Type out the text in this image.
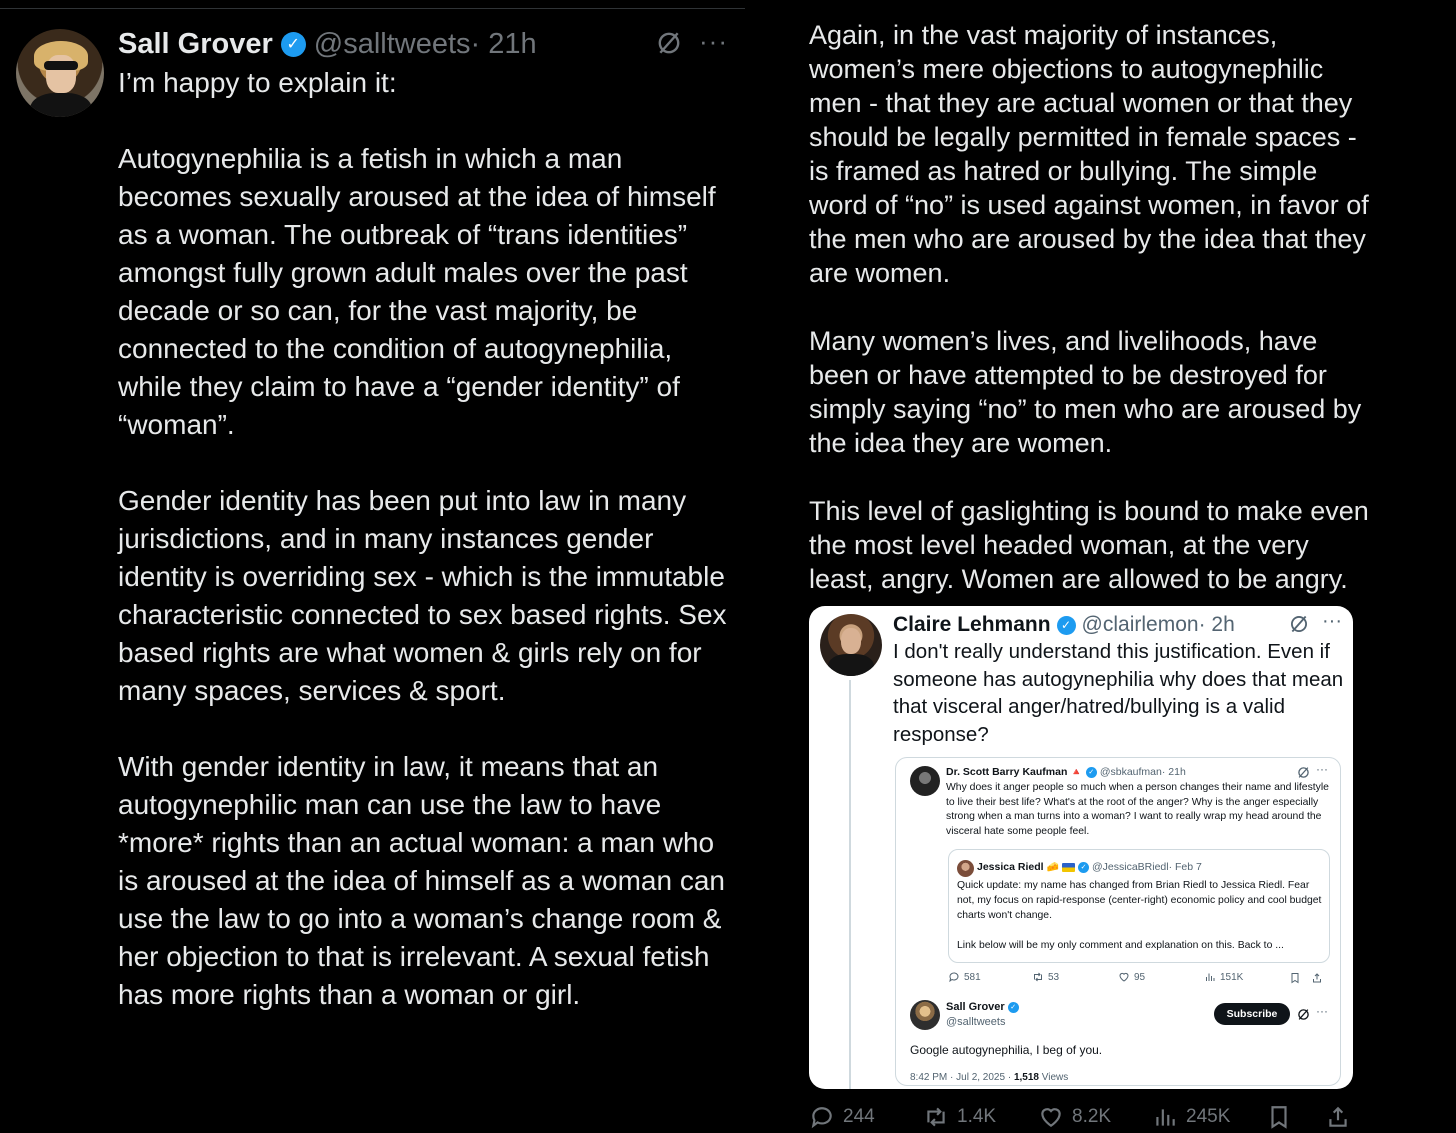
Sall Grover ✓ @salltweets · 21h	···

I’m happy to explain it:

Autogynephilia is a fetish in which a man becomes sexually aroused at the idea of himself as a woman. The outbreak of “trans identities” amongst fully grown adult males over the past decade or so can, for the vast majority, be connected to the condition of autogynephilia, while they claim to have a “gender identity” of “woman”.

Gender identity has been put into law in many jurisdictions, and in many instances gender identity is overriding sex - which is the immutable characteristic connected to sex based rights. Sex based rights are what women & girls rely on for many spaces, services & sport.

With gender identity in law, it means that an autogynephilic man can use the law to have *more* rights than an actual woman: a man who is aroused at the idea of himself as a woman can use the law to go into a woman’s change room & her objection to that is irrelevant. A sexual fetish has more rights than a woman or girl.

Again, in the vast majority of instances, women’s mere objections to autogynephilic men - that they are actual women or that they should be legally permitted in female spaces - is framed as hatred or bullying. The simple word of “no” is used against women, in favor of the men who are aroused by the idea that they are women.

Many women’s lives, and livelihoods, have been or have attempted to be destroyed for simply saying “no” to men who are aroused by the idea they are women.

This level of gaslighting is bound to make even the most level headed woman, at the very least, angry. Women are allowed to be angry.

Claire Lehmann ✓ @clairlemon · 2h	···
I don't really understand this justification. Even if someone has autogynephilia why does that mean that visceral anger/hatred/bullying is a valid response?
Dr. Scott Barry Kaufman 🔺 ✓ @sbkaufman · 21h	···
Why does it anger people so much when a person changes their name and lifestyle to live their best life? What's at the root of the anger? Why is the anger especially strong when a man turns into a woman? I want to really wrap my head around the visceral hate some people feel.
Jessica Riedl 🧀	✓ @JessicaBRiedl · Feb 7
Quick update: my name has changed from Brian Riedl to Jessica Riedl. Fear not, my focus on rapid-response (center-right) economic policy and cool budget charts won't change.
Link below will be my only comment and explanation on this. Back to ...
581	53	95	151K
Sall Grover ✓
@salltweets
Subscribe	···
Google autogynephilia, I beg of you.
8:42 PM · Jul 2, 2025 · 1,518 Views
244	1.4K	8.2K	245K
